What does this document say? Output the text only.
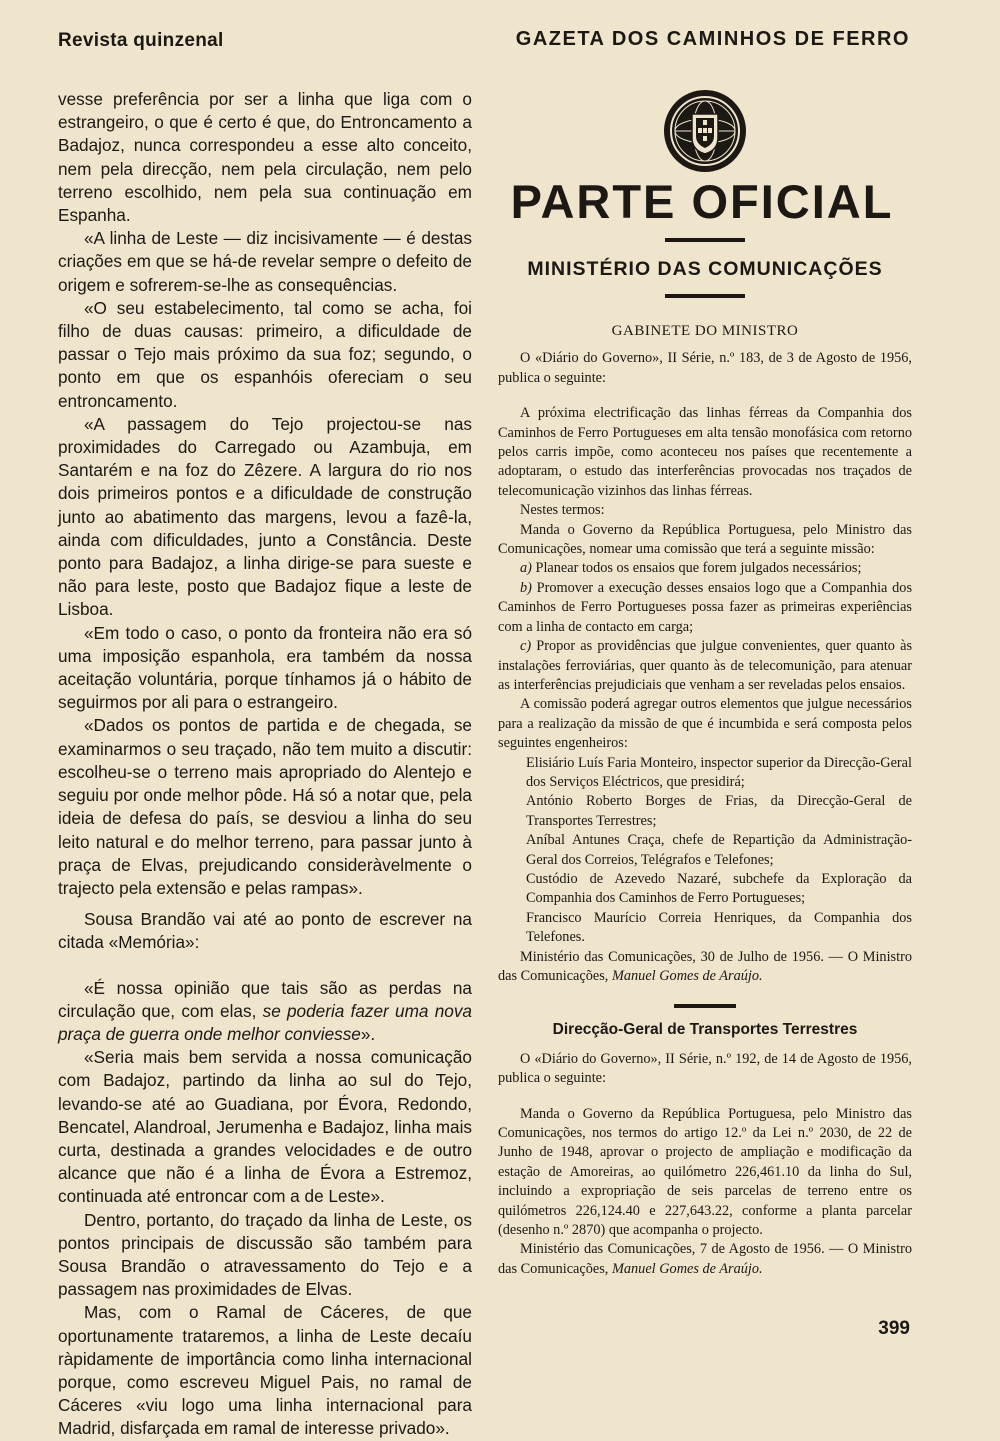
Revista quinzenal	GAZETA DOS CAMINHOS DE FERRO

vesse preferência por ser a linha que liga com o estrangeiro, o que é certo é que, do Entroncamento a Badajoz, nunca correspondeu a esse alto conceito, nem pela direcção, nem pela circulação, nem pelo terreno escolhido, nem pela sua continuação em Espanha.

«A linha de Leste — diz incisivamente — é destas criações em que se há-de revelar sempre o defeito de origem e sofrerem-se-lhe as consequências.

«O seu estabelecimento, tal como se acha, foi filho de duas causas: primeiro, a dificuldade de passar o Tejo mais próximo da sua foz; segundo, o ponto em que os espanhóis ofereciam o seu entroncamento.

«A passagem do Tejo projectou-se nas proximidades do Carregado ou Azambuja, em Santarém e na foz do Zêzere. A largura do rio nos dois primeiros pontos e a dificuldade de construção junto ao abatimento das margens, levou a fazê-la, ainda com dificuldades, junto a Constância. Deste ponto para Badajoz, a linha dirige-se para sueste e não para leste, posto que Badajoz fique a leste de Lisboa.

«Em todo o caso, o ponto da fronteira não era só uma imposição espanhola, era também da nossa aceitação voluntária, porque tínhamos já o hábito de seguirmos por ali para o estrangeiro.

«Dados os pontos de partida e de chegada, se examinarmos o seu traçado, não tem muito a discutir: escolheu-se o terreno mais apropriado do Alentejo e seguiu por onde melhor pôde. Há só a notar que, pela ideia de defesa do país, se desviou a linha do seu leito natural e do melhor terreno, para passar junto à praça de Elvas, prejudicando consideràvelmente o trajecto pela extensão e pelas rampas».

Sousa Brandão vai até ao ponto de escrever na citada «Memória»:

«É nossa opinião que tais são as perdas na circulação que, com elas, se poderia fazer uma nova praça de guerra onde melhor conviesse».

«Seria mais bem servida a nossa comunicação com Badajoz, partindo da linha ao sul do Tejo, levando-se até ao Guadiana, por Évora, Redondo, Bencatel, Alandroal, Jerumenha e Badajoz, linha mais curta, destinada a grandes velocidades e de outro alcance que não é a linha de Évora a Estremoz, continuada até entroncar com a de Leste».

Dentro, portanto, do traçado da linha de Leste, os pontos principais de discussão são também para Sousa Brandão o atravessamento do Tejo e a passagem nas proximidades de Elvas.

Mas, com o Ramal de Cáceres, de que oportunamente trataremos, a linha de Leste decaíu ràpidamente de importância como linha internacional porque, como escreveu Miguel Pais, no ramal de Cáceres «viu logo uma linha internacional para Madrid, disfarçada em ramal de interesse privado».

PARTE OFICIAL
MINISTÉRIO DAS COMUNICAÇÕES
GABINETE DO MINISTRO

O «Diário do Governo», II Série, n.º 183, de 3 de Agosto de 1956, publica o seguinte:

A próxima electrificação das linhas férreas da Companhia dos Caminhos de Ferro Portugueses em alta tensão monofásica com retorno pelos carris impõe, como aconteceu nos países que recentemente a adoptaram, o estudo das interferências provocadas nos traçados de telecomunicação vizinhos das linhas férreas.

Nestes termos:

Manda o Governo da República Portuguesa, pelo Ministro das Comunicações, nomear uma comissão que terá a seguinte missão:

a) Planear todos os ensaios que forem julgados necessários;

b) Promover a execução desses ensaios logo que a Companhia dos Caminhos de Ferro Portugueses possa fazer as primeiras experiências com a linha de contacto em carga;

c) Propor as providências que julgue convenientes, quer quanto às instalações ferroviárias, quer quanto às de telecomunição, para atenuar as interferências prejudiciais que venham a ser reveladas pelos ensaios.

A comissão poderá agregar outros elementos que julgue necessários para a realização da missão de que é incumbida e será composta pelos seguintes engenheiros:

Elisiário Luís Faria Monteiro, inspector superior da Direcção-Geral dos Serviços Eléctricos, que presidirá;
António Roberto Borges de Frias, da Direcção-Geral de Transportes Terrestres;
Aníbal Antunes Craça, chefe de Repartição da Administração-Geral dos Correios, Telégrafos e Telefones;
Custódio de Azevedo Nazaré, subchefe da Exploração da Companhia dos Caminhos de Ferro Portugueses;
Francisco Maurício Correia Henriques, da Companhia dos Telefones.

Ministério das Comunicações, 30 de Julho de 1956. — O Ministro das Comunicações, Manuel Gomes de Araújo.

Direcção-Geral de Transportes Terrestres

O «Diário do Governo», II Série, n.º 192, de 14 de Agosto de 1956, publica o seguinte:

Manda o Governo da República Portuguesa, pelo Ministro das Comunicações, nos termos do artigo 12.º da Lei n.º 2030, de 22 de Junho de 1948, aprovar o projecto de ampliação e modificação da estação de Amoreiras, ao quilómetro 226,461.10 da linha do Sul, incluindo a expropriação de seis parcelas de terreno entre os quilómetros 226,124.40 e 227,643.22, conforme a planta parcelar (desenho n.º 2870) que acompanha o projecto.

Ministério das Comunicações, 7 de Agosto de 1956. — O Ministro das Comunicações, Manuel Gomes de Araújo.

399
